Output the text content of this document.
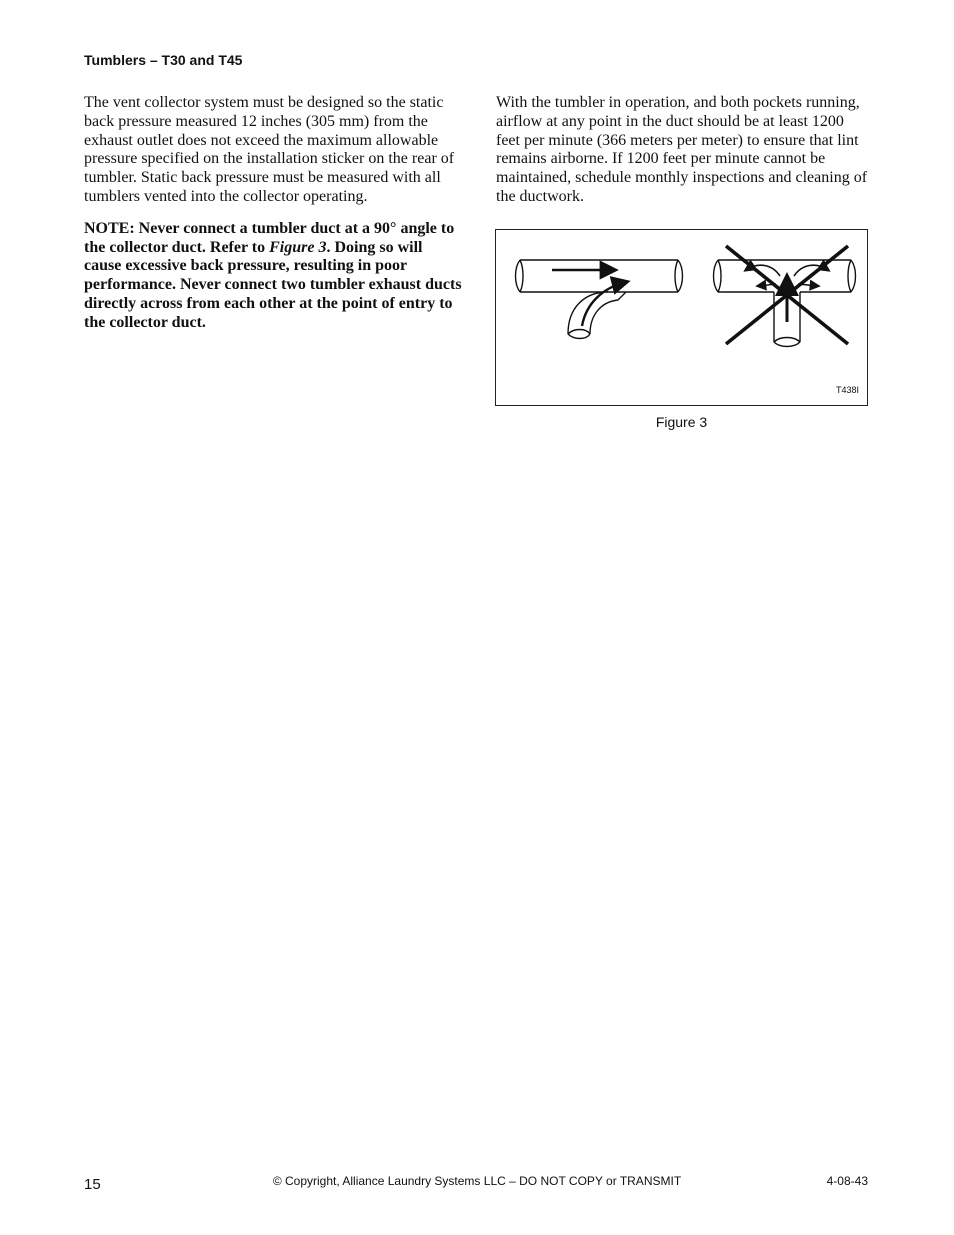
Tumblers – T30 and T45

The vent collector system must be designed so the static back pressure measured 12 inches (305 mm) from the exhaust outlet does not exceed the maximum allowable pressure specified on the installation sticker on the rear of tumbler. Static back pressure must be measured with all tumblers vented into the collector operating.

NOTE: Never connect a tumbler duct at a 90° angle to the collector duct. Refer to Figure 3. Doing so will cause excessive back pressure, resulting in poor performance. Never connect two tumbler exhaust ducts directly across from each other at the point of entry to the collector duct.

With the tumbler in operation, and both pockets running, airflow at any point in the duct should be at least 1200 feet per minute (366 meters per meter) to ensure that lint remains airborne. If 1200 feet per minute cannot be maintained, schedule monthly inspections and cleaning of the ductwork.

T438I
Figure 3
15	© Copyright, Alliance Laundry Systems LLC – DO NOT COPY or TRANSMIT	4-08-43
